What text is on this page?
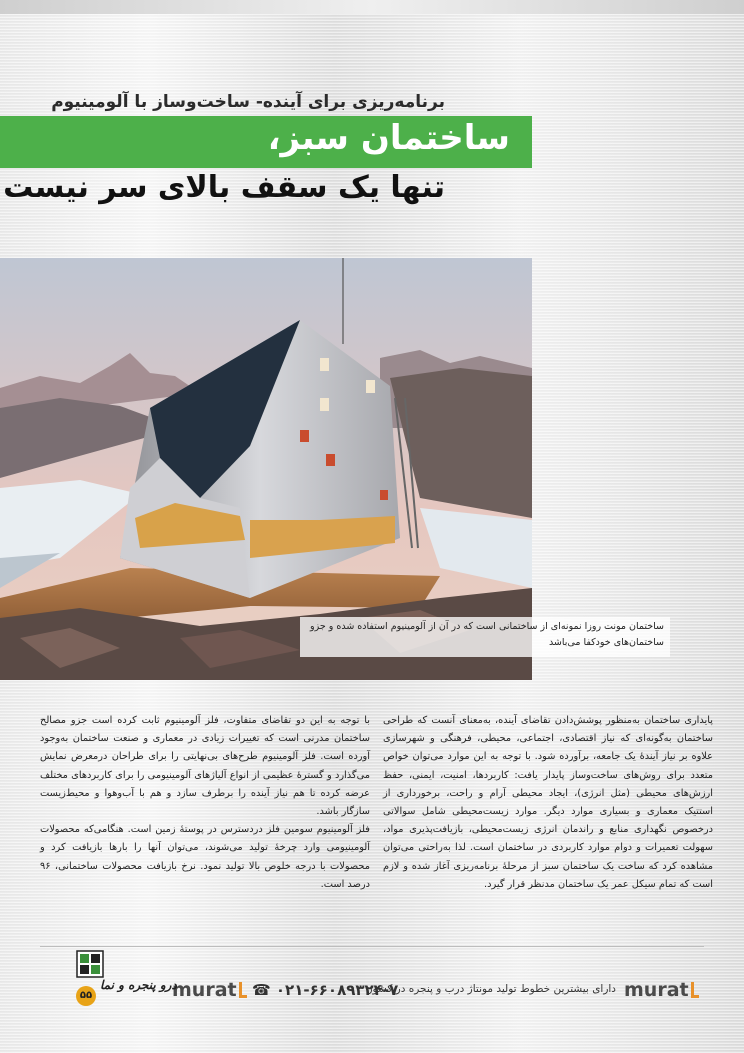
برنامه‌ریزی برای آینده- ساخت‌وساز با آلومینیوم
ساختمان سبز،
تنها یک سقف بالای سر نیست
ساختمان مونت روزا نمونه‌ای از ساختمانی است که در آن از آلومینیوم استفاده شده و جزو ساختمان‌های خودکفا می‌باشد

پایداری ساختمان به‌منظور پوشش‌دادن تقاضای آینده، به‌معنای آنست که طراحی ساختمان به‌گونه‌ای که نیاز اقتصادی، اجتماعی، محیطی، فرهنگی و شهرسازی علاوه بر نیاز آیندهٔ یک جامعه، برآورده شود. با توجه به این موارد می‌توان خواص متعدد برای روش‌های ساخت‌وساز پایدار یافت: کاربردها، امنیت، ایمنی، حفظ ارزش‌های محیطی (مثل انرژی)، ایجاد محیطی آرام و راحت، برخورداری از استتیک معماری و بسیاری موارد دیگر. موارد زیست‌محیطی شامل سوالاتی درخصوص نگهداری منابع و راندمان انرژی زیست‌محیطی، بازیافت‌پذیری مواد، سهولت تعمیرات و دوام موارد کاربردی در ساختمان است. لذا به‌راحتی می‌توان مشاهده کرد که ساخت یک ساختمان سبز از مرحلهٔ برنامه‌ریزی آغاز شده و لازم است که تمام سیکل عمر یک ساختمان مدنظر قرار گیرد.

با توجه به این دو تقاضای متفاوت، فلز آلومینیوم ثابت کرده است جزو مصالح ساختمان مدرنی است که تغییرات زیادی در معماری و صنعت ساختمان به‌وجود آورده است. فلز آلومینیوم طرح‌های بی‌نهایتی را برای طراحان درمعرض نمایش می‌گذارد و گسترهٔ عظیمی از انواع آلیاژهای آلومینیومی را برای کاربردهای مختلف عرضه کرده تا هم نیاز آینده را برطرف سازد و هم با آب‌وهوا و محیط‌زیست سازگار باشد.

فلز آلومینیوم سومین فلز دردسترس در پوستهٔ زمین است. هنگامی‌که محصولات آلومینیومی وارد چرخهٔ تولید می‌شوند، می‌توان آنها را بارها بازیافت کرد و محصولات با درجه خلوص بالا تولید نمود. نرخ بازیافت محصولات ساختمانی، ۹۶ درصد است.

murat
دارای بیشترین خطوط تولید مونتاژ درب و پنجره در کشور
☎ ۰۲۱-۶۶۰۸۹۳۲۴-۷
murat
درو پنجره و نما
۵۵
